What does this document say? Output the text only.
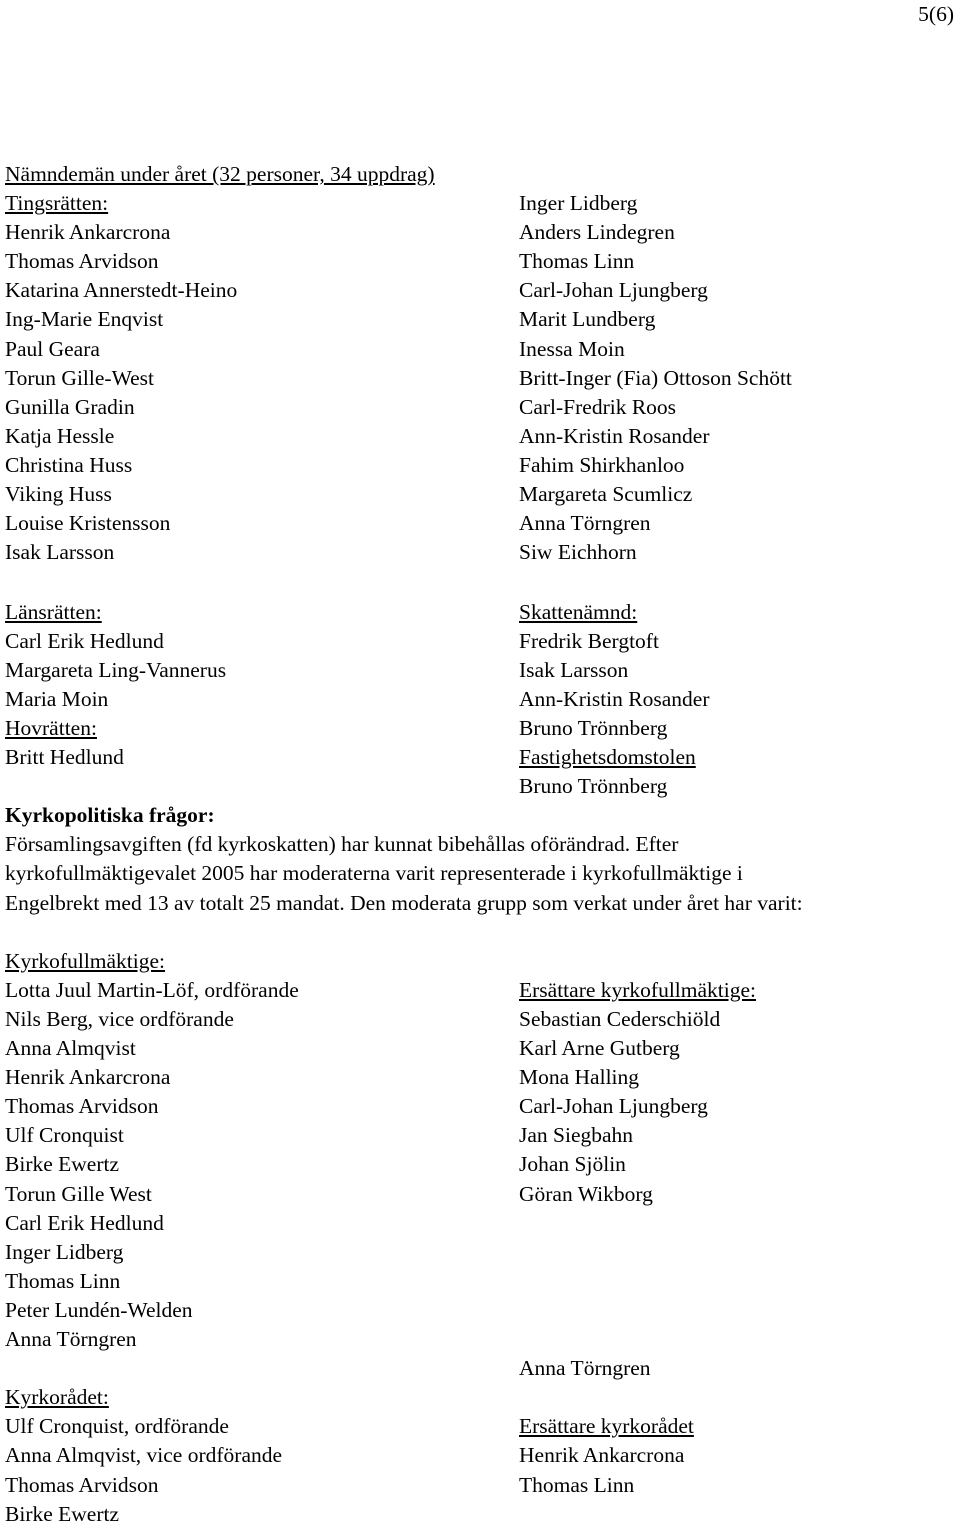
5(6)
Nämndemän under året (32 personer, 34 uppdrag)
Tingsrätten:
Henrik Ankarcrona
Thomas Arvidson
Katarina Annerstedt-Heino
Ing-Marie Enqvist
Paul Geara
Torun Gille-West
Gunilla Gradin
Katja Hessle
Christina Huss
Viking Huss
Louise Kristensson
Isak Larsson
Inger Lidberg
Anders Lindegren
Thomas Linn
Carl-Johan Ljungberg
Marit Lundberg
Inessa Moin
Britt-Inger (Fia) Ottoson Schött
Carl-Fredrik Roos
Ann-Kristin Rosander
Fahim Shirkhanloo
Margareta Scumlicz
Anna Törngren
Siw Eichhorn
Länsrätten:
Carl Erik Hedlund
Margareta Ling-Vannerus
Maria Moin
Hovrätten:
Britt Hedlund
Skattenämnd:
Fredrik Bergtoft
Isak Larsson
Ann-Kristin Rosander
Bruno Trönnberg
Fastighetsdomstolen
Bruno Trönnberg
Kyrkopolitiska frågor:
Församlingsavgiften (fd kyrkoskatten) har kunnat bibehållas oförändrad. Efter
kyrkofullmäktigevalet 2005 har moderaterna varit representerade i kyrkofullmäktige i
Engelbrekt med 13 av totalt 25 mandat. Den moderata grupp som verkat under året har varit:
Kyrkofullmäktige:
Lotta Juul Martin-Löf, ordförande
Nils Berg, vice ordförande
Anna Almqvist
Henrik Ankarcrona
Thomas Arvidson
Ulf Cronquist
Birke Ewertz
Torun Gille West
Carl Erik Hedlund
Inger Lidberg
Thomas Linn
Peter Lundén-Welden
Anna Törngren
Ersättare kyrkofullmäktige:
Sebastian Cederschiöld
Karl Arne Gutberg
Mona Halling
Carl-Johan Ljungberg
Jan Siegbahn
Johan Sjölin
Göran Wikborg
Anna Törngren
Kyrkorådet:
Ulf Cronquist, ordförande
Anna Almqvist, vice ordförande
Thomas Arvidson
Birke Ewertz
Ersättare kyrkorådet
Henrik Ankarcrona
Thomas Linn
